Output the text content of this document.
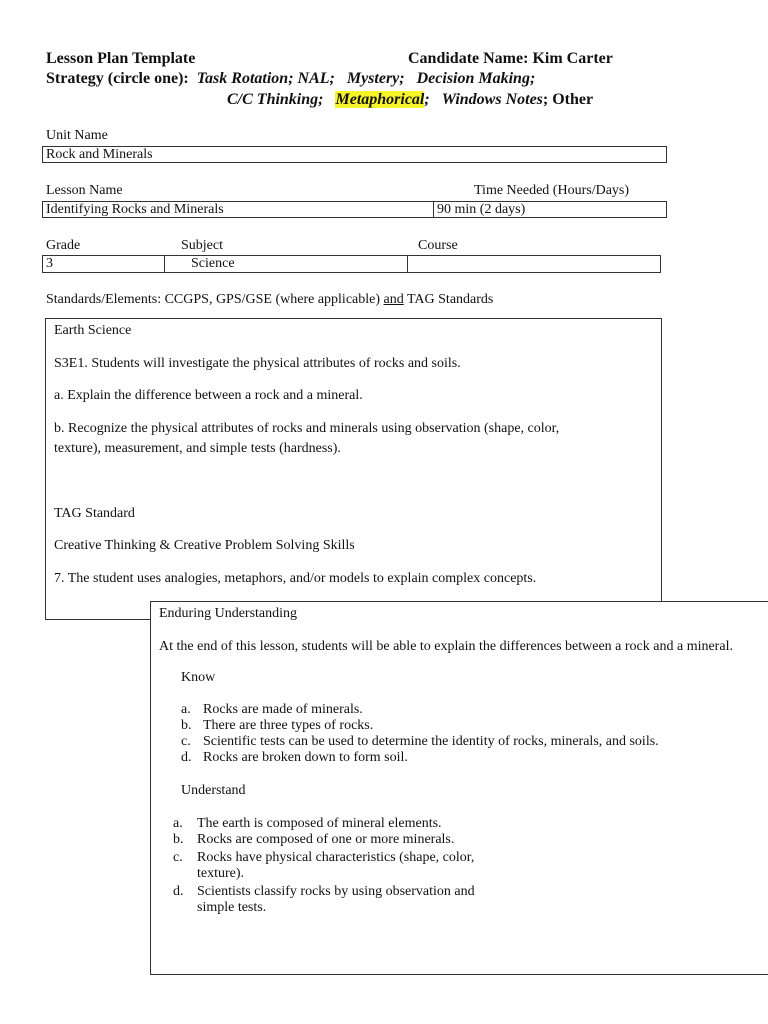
Lesson Plan Template	Candidate Name: Kim Carter
Strategy (circle one): Task Rotation; NAL; Mystery; Decision Making;
C/C Thinking; Metaphorical; Windows Notes; Other
Unit Name
Rock and Minerals
Lesson Name	Time Needed (Hours/Days)
Identifying Rocks and Minerals	90 min (2 days)
Grade	Subject	Course
3	Science
Standards/Elements: CCGPS, GPS/GSE (where applicable) and TAG Standards
Earth Science
S3E1. Students will investigate the physical attributes of rocks and soils.
a. Explain the difference between a rock and a mineral.
b. Recognize the physical attributes of rocks and minerals using observation (shape, color,
texture), measurement, and simple tests (hardness).
TAG Standard
Creative Thinking & Creative Problem Solving Skills
7. The student uses analogies, metaphors, and/or models to explain complex concepts.
Enduring Understanding
At the end of this lesson, students will be able to explain the differences between a rock and a mineral.
Know
a. Rocks are made of minerals.
b. There are three types of rocks.
c. Scientific tests can be used to determine the identity of rocks, minerals, and soils.
d. Rocks are broken down to form soil.
Understand
a. The earth is composed of mineral elements.
b. Rocks are composed of one or more minerals.
c. Rocks have physical characteristics (shape, color,
texture).
d. Scientists classify rocks by using observation and
simple tests.
